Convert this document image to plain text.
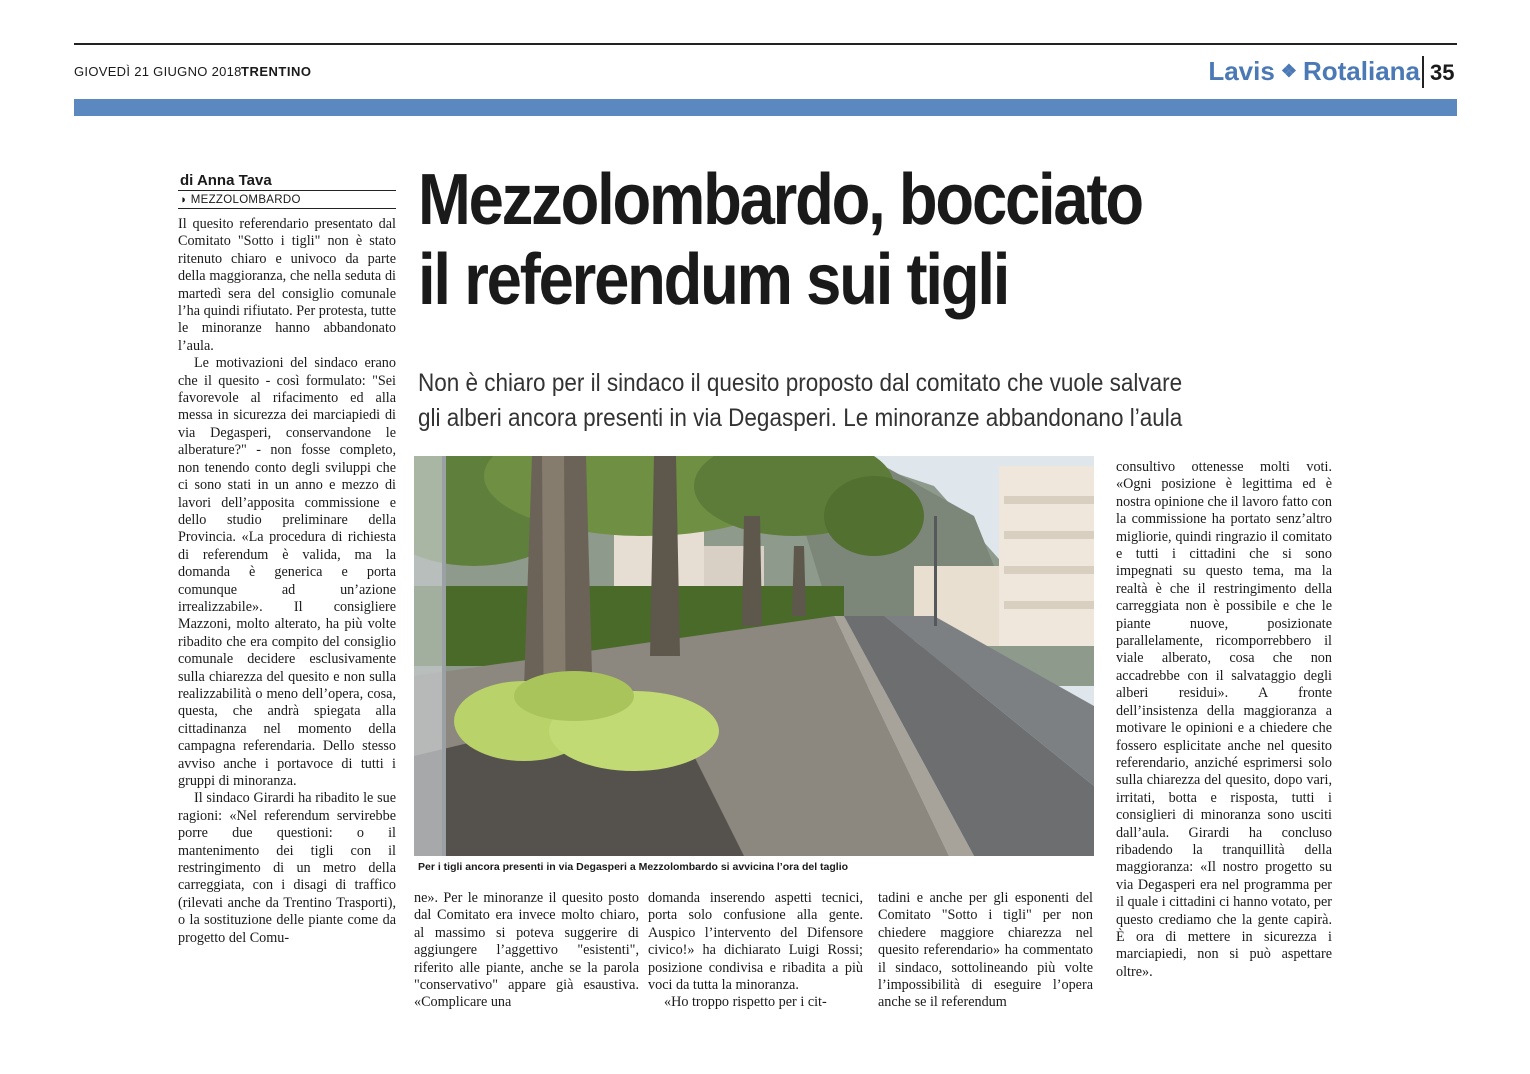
GIOVEDÌ 21 GIUGNO 2018 TRENTINO	Lavis ❖ Rotaliana 35
di Anna Tava
◗ MEZZOLOMBARDO Mezzolombardo, bocciato
il referendum sui tigli
Non è chiaro per il sindaco il quesito proposto dal comitato che vuole salvare
gli alberi ancora presenti in via Degasperi. Le minoranze abbandonano l’aula

Il quesito referendario presentato dal Comitato "Sotto i tigli" non è stato ritenuto chiaro e univoco da parte della maggioranza, che nella seduta di martedì sera del consiglio comunale l’ha quindi rifiutato. Per protesta, tutte le minoranze hanno abbandonato l’aula.

Le motivazioni del sindaco erano che il quesito - così formulato: "Sei favorevole al rifacimento ed alla messa in sicurezza dei marciapiedi di via Degasperi, conservandone le alberature?" - non fosse completo, non tenendo conto degli sviluppi che ci sono stati in un anno e mezzo di lavori dell’apposita commissione e dello studio preliminare della Provincia. «La procedura di richiesta di referendum è valida, ma la domanda è generica e porta comunque ad un’azione irrealizzabile». Il consigliere Mazzoni, molto alterato, ha più volte ribadito che era compito del consiglio comunale decidere esclusivamente sulla chiarezza del quesito e non sulla realizzabilità o meno dell’opera, cosa, questa, che andrà spiegata alla cittadinanza nel momento della campagna referendaria. Dello stesso avviso anche i portavoce di tutti i gruppi di minoranza.

Il sindaco Girardi ha ribadito le sue ragioni: «Nel referendum servirebbe porre due questioni: o il mantenimento dei tigli con il restringimento di un metro della carreggiata, con i disagi di traffico (rilevati anche da Trentino Trasporti), o la sostituzione delle piante come da progetto del Comu-

Per i tigli ancora presenti in via Degasperi a Mezzolombardo si avvicina l’ora del taglio

ne». Per le minoranze il quesito posto dal Comitato era invece molto chiaro, al massimo si poteva suggerire di aggiungere l’aggettivo "esistenti", riferito alle piante, anche se la parola "conservativo" appare già esaustiva. «Complicare una

domanda inserendo aspetti tecnici, porta solo confusione alla gente. Auspico l’intervento del Difensore civico!» ha dichiarato Luigi Rossi; posizione condivisa e ribadita a più voci da tutta la minoranza.

«Ho troppo rispetto per i cit-

tadini e anche per gli esponenti del Comitato "Sotto i tigli" per non chiedere maggiore chiarezza nel quesito referendario» ha commentato il sindaco, sottolineando più volte l’impossibilità di eseguire l’opera anche se il referendum

consultivo ottenesse molti voti. «Ogni posizione è legittima ed è nostra opinione che il lavoro fatto con la commissione ha portato senz’altro migliorie, quindi ringrazio il comitato e tutti i cittadini che si sono impegnati su questo tema, ma la realtà è che il restringimento della carreggiata non è possibile e che le piante nuove, posizionate parallelamente, ricomporrebbero il viale alberato, cosa che non accadrebbe con il salvataggio degli alberi residui». A fronte dell’insistenza della maggioranza a motivare le opinioni e a chiedere che fossero esplicitate anche nel quesito referendario, anziché esprimersi solo sulla chiarezza del quesito, dopo vari, irritati, botta e risposta, tutti i consiglieri di minoranza sono usciti dall’aula. Girardi ha concluso ribadendo la tranquillità della maggioranza: «Il nostro progetto su via Degasperi era nel programma per il quale i cittadini ci hanno votato, per questo crediamo che la gente capirà. È ora di mettere in sicurezza i marciapiedi, non si può aspettare oltre».
